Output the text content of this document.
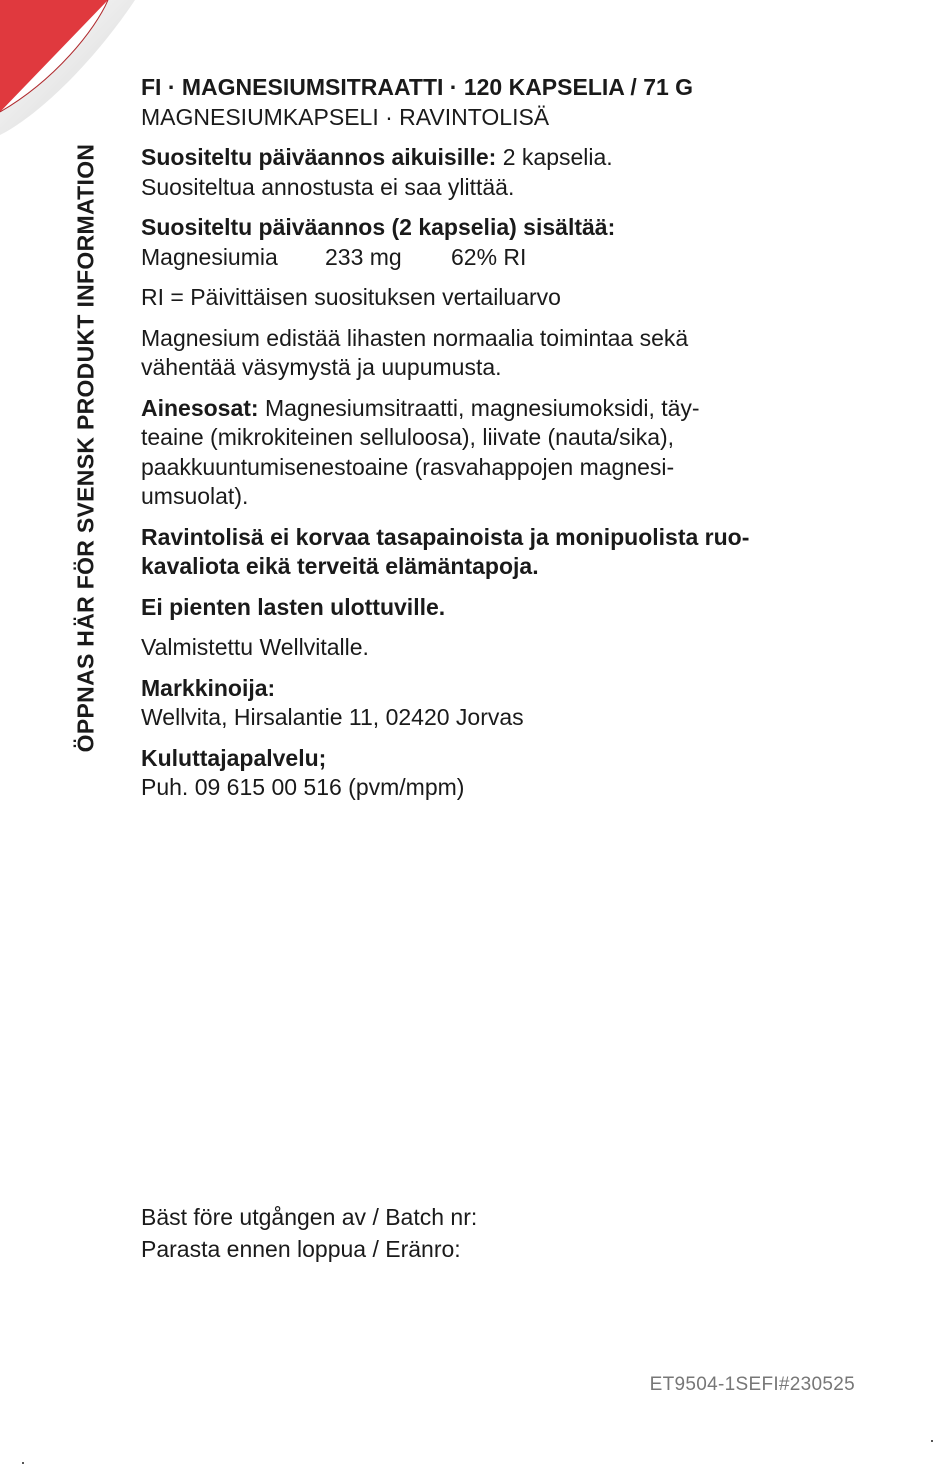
ÖPPNAS HÄR FÖR SVENSK PRODUKT INFORMATION

FI · MAGNESIUMSITRAATTI · 120 KAPSELIA / 71 G
MAGNESIUMKAPSELI · RAVINTOLISÄ

Suositeltu päiväannos aikuisille: 2 kapselia.
Suositeltua annostusta ei saa ylittää.

Suositeltu päiväannos (2 kapselia) sisältää:

Magnesiumia	233 mg	62% RI

RI = Päivittäisen suosituksen vertailuarvo

Magnesium edistää lihasten normaalia toimintaa sekä
vähentää väsymystä ja uupumusta.

Ainesosat: Magnesiumsitraatti, magnesiumoksidi, täy-
teaine (mikrokiteinen selluloosa), liivate (nauta/sika),
paakkuuntumisenestoaine (rasvahappojen magnesi-
umsuolat).

Ravintolisä ei korvaa tasapainoista ja monipuolista ruo-
kavaliota eikä terveitä elämäntapoja.

Ei pienten lasten ulottuville.

Valmistettu Wellvitalle.

Markkinoija:
Wellvita, Hirsalantie 11, 02420 Jorvas

Kuluttajapalvelu;
Puh. 09 615 00 516 (pvm/mpm)

Bäst före utgången av / Batch nr:
Parasta ennen loppua / Eränro:
ET9504-1SEFI#230525
